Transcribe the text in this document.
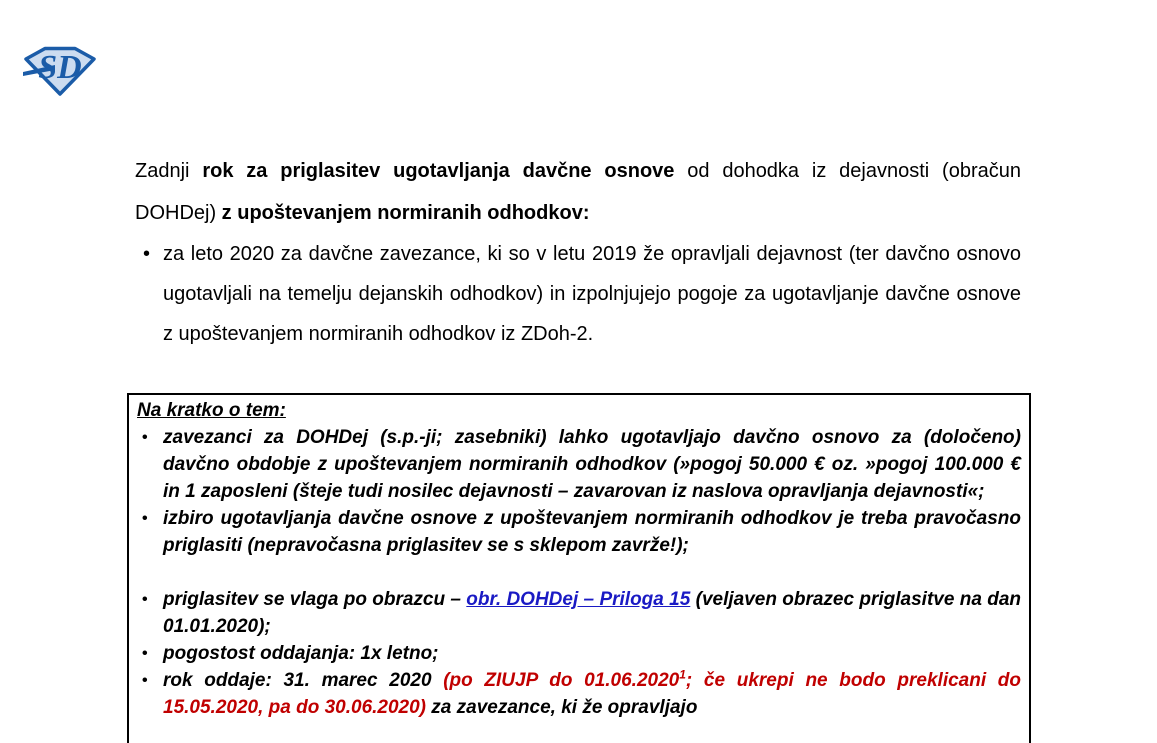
SD

Zadnji rok za priglasitev ugotavljanja davčne osnove od dohodka iz dejavnosti (obračun DOHDej) z upoštevanjem normiranih odhodkov:

• za leto 2020 za davčne zavezance, ki so v letu 2019 že opravljali dejavnost (ter davčno osnovo ugotavljali na temelju dejanskih odhodkov) in izpolnjujejo pogoje za ugotavljanje davčne osnove z upoštevanjem normiranih odhodkov iz ZDoh-2.
Na kratko o tem:
• zavezanci za DOHDej (s.p.-ji; zasebniki) lahko ugotavljajo davčno osnovo za (določeno) davčno obdobje z upoštevanjem normiranih odhodkov (»pogoj 50.000 € oz. »pogoj 100.000 € in 1 zaposleni (šteje tudi nosilec dejavnosti – zavarovan iz naslova opravljanja dejavnosti«;
• izbiro ugotavljanja davčne osnove z upoštevanjem normiranih odhodkov je treba pravočasno priglasiti (nepravočasna priglasitev se s sklepom zavrže!);
• priglasitev se vlaga po obrazcu – obr. DOHDej – Priloga 15 (veljaven obrazec priglasitve na dan 01.01.2020);
• pogostost oddajanja: 1x letno;
• rok oddaje: 31. marec 2020 (po ZIUJP do 01.06.2020$^1$; če ukrepi ne bodo preklicani do 15.05.2020, pa do 30.06.2020) za zavezance, ki že opravljajo
